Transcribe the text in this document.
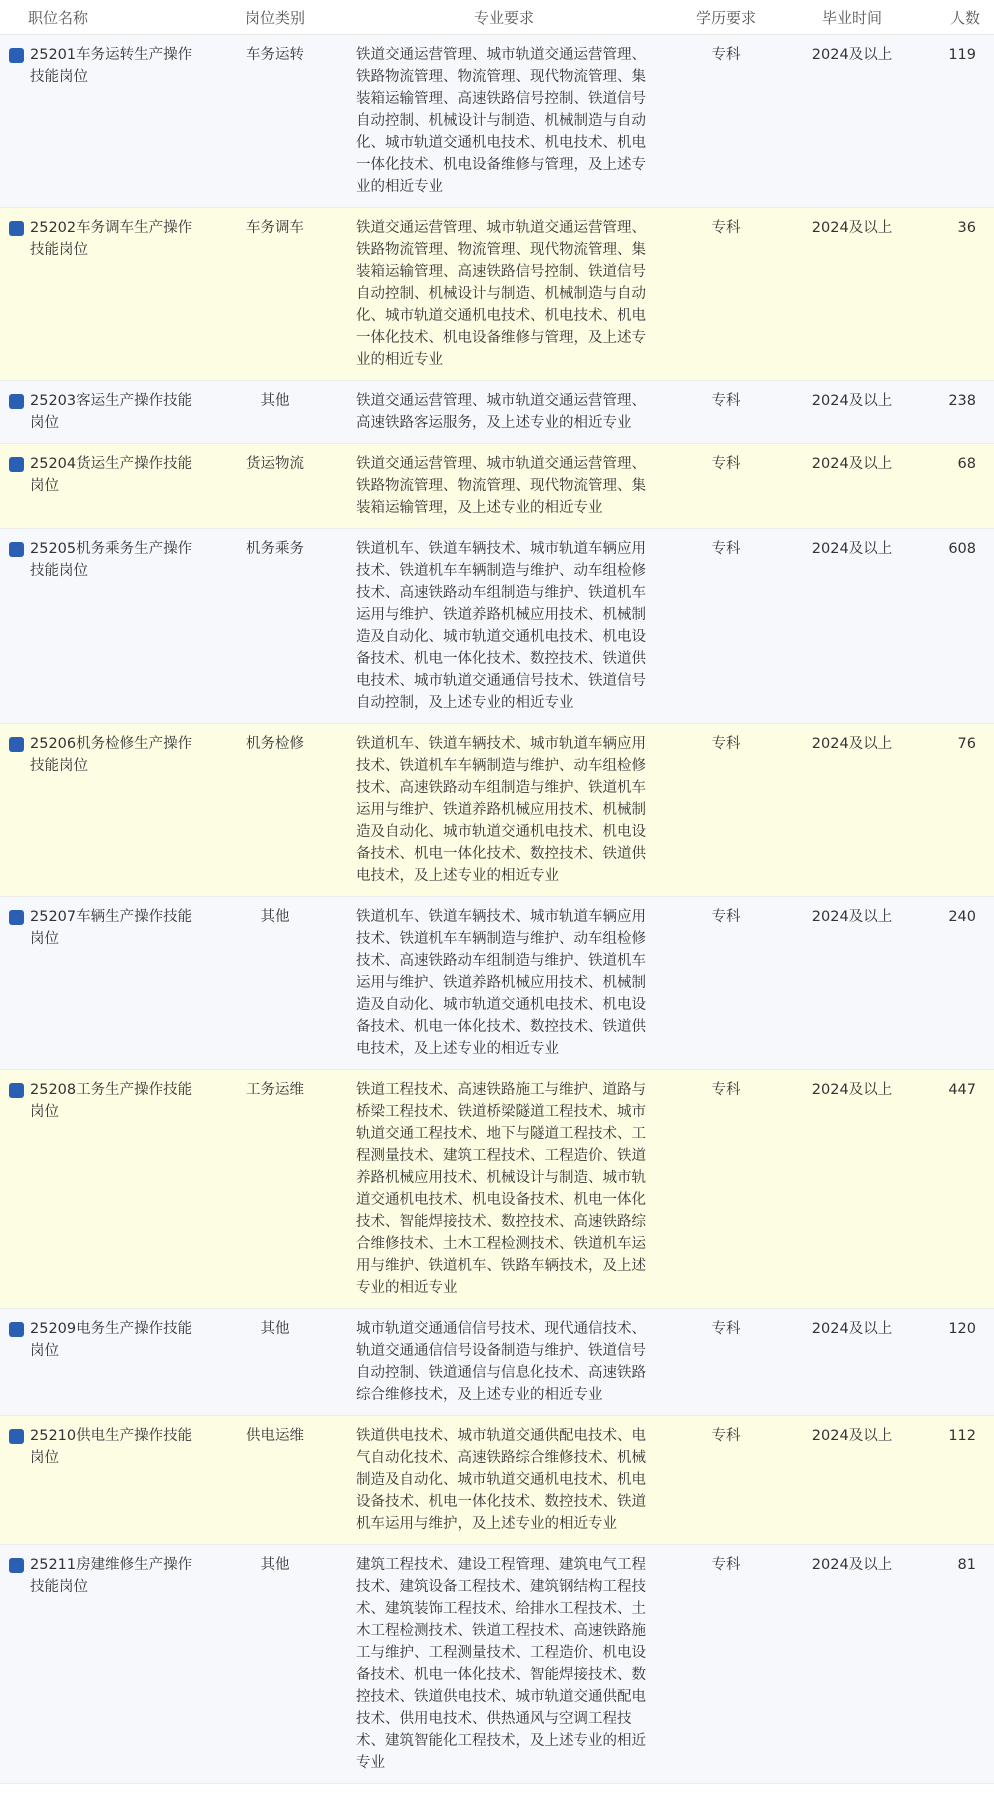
职位名称	岗位类别	专业要求	学历要求	毕业时间	人数

25201车务运转生产操作技能岗位	车务运转	铁道交通运营管理、城市轨道交通运营管理、铁路物流管理、物流管理、现代物流管理、集装箱运输管理、高速铁路信号控制、铁道信号自动控制、机械设计与制造、机械制造与自动化、城市轨道交通机电技术、机电技术、机电一体化技术、机电设备维修与管理，及上述专业的相近专业	专科	2024及以上	119

25202车务调车生产操作技能岗位	车务调车	铁道交通运营管理、城市轨道交通运营管理、铁路物流管理、物流管理、现代物流管理、集装箱运输管理、高速铁路信号控制、铁道信号自动控制、机械设计与制造、机械制造与自动化、城市轨道交通机电技术、机电技术、机电一体化技术、机电设备维修与管理，及上述专业的相近专业	专科	2024及以上	36

25203客运生产操作技能岗位	其他	铁道交通运营管理、城市轨道交通运营管理、高速铁路客运服务，及上述专业的相近专业	专科	2024及以上	238

25204货运生产操作技能岗位	货运物流	铁道交通运营管理、城市轨道交通运营管理、铁路物流管理、物流管理、现代物流管理、集装箱运输管理，及上述专业的相近专业	专科	2024及以上	68

25205机务乘务生产操作技能岗位	机务乘务	铁道机车、铁道车辆技术、城市轨道车辆应用技术、铁道机车车辆制造与维护、动车组检修技术、高速铁路动车组制造与维护、铁道机车运用与维护、铁道养路机械应用技术、机械制造及自动化、城市轨道交通机电技术、机电设备技术、机电一体化技术、数控技术、铁道供电技术、城市轨道交通通信号技术、铁道信号自动控制，及上述专业的相近专业	专科	2024及以上	608

25206机务检修生产操作技能岗位	机务检修	铁道机车、铁道车辆技术、城市轨道车辆应用技术、铁道机车车辆制造与维护、动车组检修技术、高速铁路动车组制造与维护、铁道机车运用与维护、铁道养路机械应用技术、机械制造及自动化、城市轨道交通机电技术、机电设备技术、机电一体化技术、数控技术、铁道供电技术，及上述专业的相近专业	专科	2024及以上	76

25207车辆生产操作技能岗位	其他	铁道机车、铁道车辆技术、城市轨道车辆应用技术、铁道机车车辆制造与维护、动车组检修技术、高速铁路动车组制造与维护、铁道机车运用与维护、铁道养路机械应用技术、机械制造及自动化、城市轨道交通机电技术、机电设备技术、机电一体化技术、数控技术、铁道供电技术，及上述专业的相近专业	专科	2024及以上	240

25208工务生产操作技能岗位	工务运维	铁道工程技术、高速铁路施工与维护、道路与桥梁工程技术、铁道桥梁隧道工程技术、城市轨道交通工程技术、地下与隧道工程技术、工程测量技术、建筑工程技术、工程造价、铁道养路机械应用技术、机械设计与制造、城市轨道交通机电技术、机电设备技术、机电一体化技术、智能焊接技术、数控技术、高速铁路综合维修技术、土木工程检测技术、铁道机车运用与维护、铁道机车、铁路车辆技术，及上述专业的相近专业	专科	2024及以上	447

25209电务生产操作技能岗位	其他	城市轨道交通通信信号技术、现代通信技术、轨道交通通信信号设备制造与维护、铁道信号自动控制、铁道通信与信息化技术、高速铁路综合维修技术，及上述专业的相近专业	专科	2024及以上	120

25210供电生产操作技能岗位	供电运维	铁道供电技术、城市轨道交通供配电技术、电气自动化技术、高速铁路综合维修技术、机械制造及自动化、城市轨道交通机电技术、机电设备技术、机电一体化技术、数控技术、铁道机车运用与维护，及上述专业的相近专业	专科	2024及以上	112

25211房建维修生产操作技能岗位	其他	建筑工程技术、建设工程管理、建筑电气工程技术、建筑设备工程技术、建筑钢结构工程技术、建筑装饰工程技术、给排水工程技术、土木工程检测技术、铁道工程技术、高速铁路施工与维护、工程测量技术、工程造价、机电设备技术、机电一体化技术、智能焊接技术、数控技术、铁道供电技术、城市轨道交通供配电技术、供用电技术、供热通风与空调工程技术、建筑智能化工程技术，及上述专业的相近专业	专科	2024及以上	81
